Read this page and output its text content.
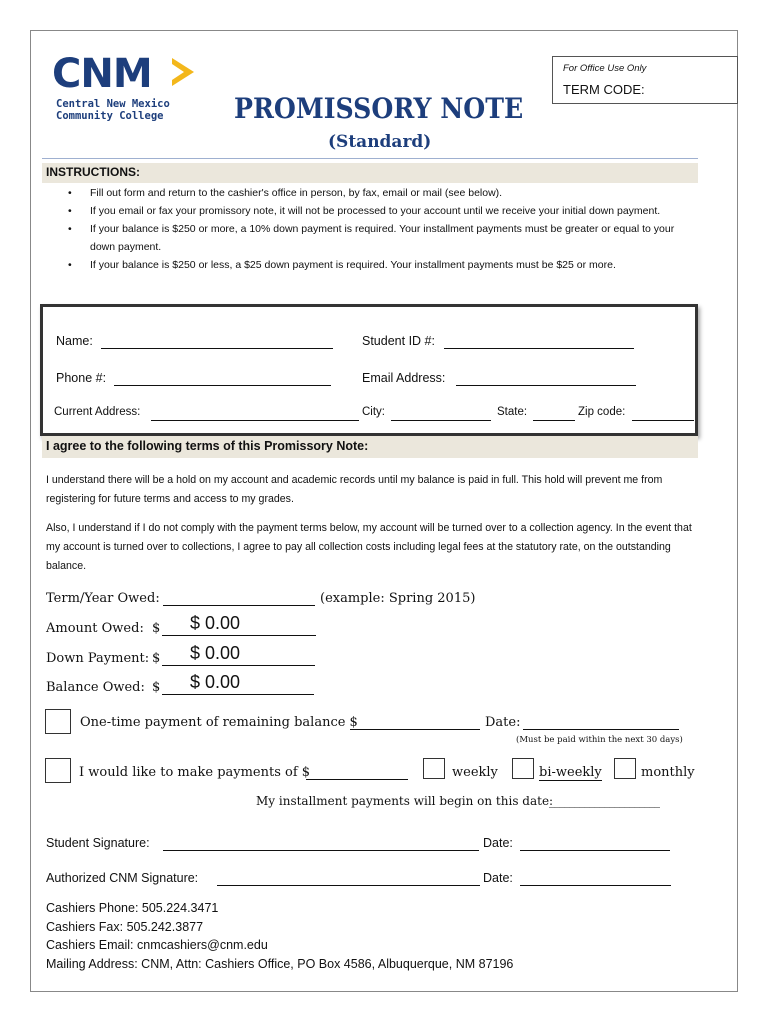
CNM
Central New Mexico
Community College
For Office Use Only
TERM CODE:
PROMISSORY NOTE
(Standard)
INSTRUCTIONS:
• Fill out form and return to the cashier's office in person, by fax, email or mail (see below).
• If you email or fax your promissory note, it will not be processed to your account until we receive your initial down payment.
• If your balance is $250 or more, a 10% down payment is required. Your installment payments must be greater or equal to your down payment.
• If your balance is $250 or less, a $25 down payment is required. Your installment payments must be $25 or more.
Name:	Student ID #:
Phone #:	Email Address:
Current Address:	City:	State:	Zip code:
I agree to the following terms of this Promissory Note:
I understand there will be a hold on my account and academic records until my balance is paid in full. This hold will prevent me from registering for future terms and access to my grades.
Also, I understand if I do not comply with the payment terms below, my account will be turned over to a collection agency. In the event that my account is turned over to collections, I agree to pay all collection costs including legal fees at the statutory rate, on the outstanding balance.
Term/Year Owed:	(example: Spring 2015)
Amount Owed: $ $ 0.00
Down Payment: $ $ 0.00
Balance Owed: $ $ 0.00
One-time payment of remaining balance $	Date:
(Must be paid within the next 30 days)
I would like to make payments of $	weekly	bi-weekly	monthly
My installment payments will begin on this date:
______________________
Student Signature:	Date:
Authorized CNM Signature:	Date:
Cashiers Phone: 505.224.3471
Cashiers Fax: 505.242.3877
Cashiers Email: cnmcashiers@cnm.edu
Mailing Address: CNM, Attn: Cashiers Office, PO Box 4586, Albuquerque, NM 87196
